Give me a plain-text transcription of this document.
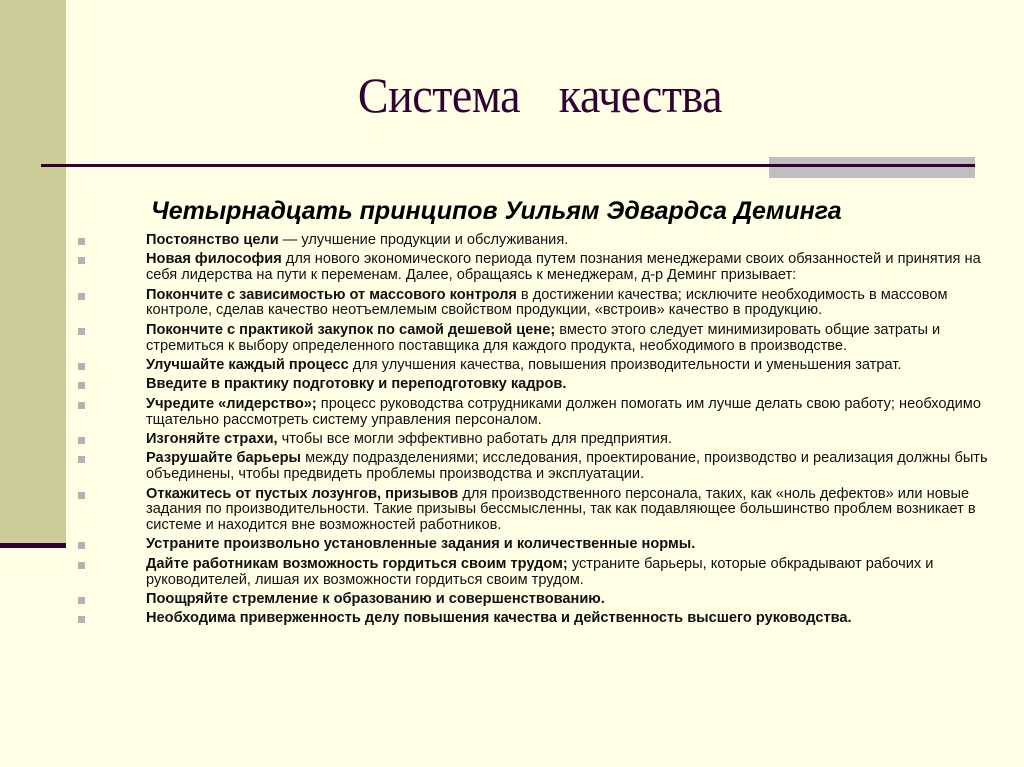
Система качества
Четырнадцать принципов Уильям Эдвардса Деминга
Постоянство цели — улучшение продукции и обслуживания.
Новая философия для нового экономического периода путем познания менеджерами своих обязанностей и принятия на себя лидерства на пути к переменам. Далее, обращаясь к менеджерам, д-р Деминг призывает:
Покончите с зависимостью от массового контроля в достижении качества; исключите необходимость в массовом контроле, сделав качество неотъемлемым свойством продукции, «встроив» качество в продукцию.
Покончите с практикой закупок по самой дешевой цене; вместо этого следует минимизировать общие затраты и стремиться к выбору определенного поставщика для каждого продукта, необходимого в производстве.
Улучшайте каждый процесс для улучшения качества, повышения производительности и уменьшения затрат.
Введите в практику подготовку и переподготовку кадров.
Учредите «лидерство»; процесс руководства сотрудниками должен помогать им лучше делать свою работу; необходимо тщательно рассмотреть систему управления персоналом.
Изгоняйте страхи, чтобы все могли эффективно работать для предприятия.
Разрушайте барьеры между подразделениями; исследования, проектирование, производство и реализация должны быть объединены, чтобы предвидеть проблемы производства и эксплуатации.
Откажитесь от пустых лозунгов, призывов для производственного персонала, таких, как «ноль дефектов» или новые задания по производительности. Такие призывы бессмысленны, так как подавляющее большинство проблем возникает в системе и находится вне возможностей работников.
Устраните произвольно установленные задания и количественные нормы.
Дайте работникам возможность гордиться своим трудом; устраните барьеры, которые обкрадывают рабочих и руководителей, лишая их возможности гордиться своим трудом.
Поощряйте стремление к образованию и совершенствованию.
Необходима приверженность делу повышения качества и действенность высшего руководства.
